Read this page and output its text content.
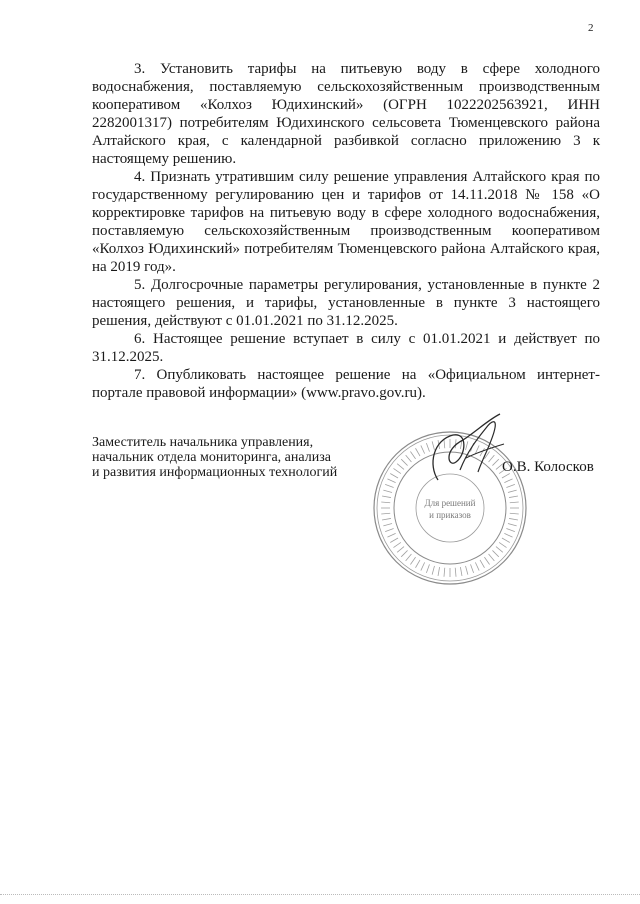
2

3. Установить тарифы на питьевую воду в сфере холодного водоснабжения, поставляемую сельскохозяйственным производственным кооперативом «Колхоз Юдихинский» (ОГРН 1022202563921, ИНН 2282001317) потребителям Юдихинского сельсовета Тюменцевского района Алтайского края, с календарной разбивкой согласно приложению 3 к настоящему решению.

4. Признать утратившим силу решение управления Алтайского края по государственному регулированию цен и тарифов от 14.11.2018 № 158 «О корректировке тарифов на питьевую воду в сфере холодного водоснабжения, поставляемую сельскохозяйственным производственным кооперативом «Колхоз Юдихинский» потребителям Тюменцевского района Алтайского края, на 2019 год».

5. Долгосрочные параметры регулирования, установленные в пункте 2 настоящего решения, и тарифы, установленные в пункте 3 настоящего решения, действуют с 01.01.2021 по 31.12.2025.

6. Настоящее решение вступает в силу с 01.01.2021 и действует по 31.12.2025.

7. Опубликовать настоящее решение на «Официальном интернет-портале правовой информации» (www.pravo.gov.ru).

Заместитель начальника управления,
начальник отдела мониторинга, анализа
и развития информационных технологий
Для решений
и приказов
О.В. Колосков
